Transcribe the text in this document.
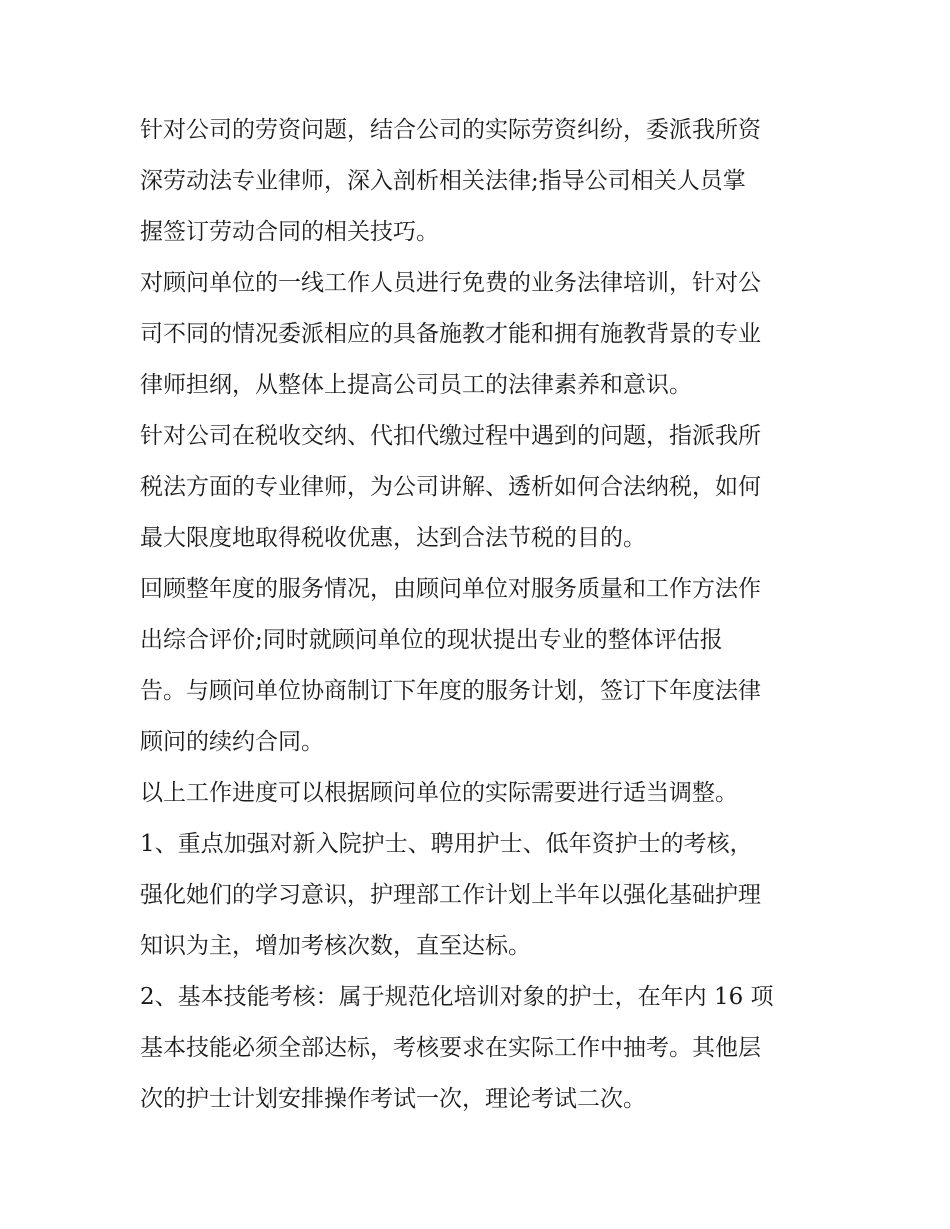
针对公司的劳资问题，结合公司的实际劳资纠纷，委派我所资

深劳动法专业律师，深入剖析相关法律;指导公司相关人员掌

握签订劳动合同的相关技巧。

对顾问单位的一线工作人员进行免费的业务法律培训，针对公

司不同的情况委派相应的具备施教才能和拥有施教背景的专业

律师担纲，从整体上提高公司员工的法律素养和意识。

针对公司在税收交纳、代扣代缴过程中遇到的问题，指派我所

税法方面的专业律师，为公司讲解、透析如何合法纳税，如何

最大限度地取得税收优惠，达到合法节税的目的。

回顾整年度的服务情况，由顾问单位对服务质量和工作方法作

出综合评价;同时就顾问单位的现状提出专业的整体评估报

告。与顾问单位协商制订下年度的服务计划，签订下年度法律

顾问的续约合同。

以上工作进度可以根据顾问单位的实际需要进行适当调整。

1、重点加强对新入院护士、聘用护士、低年资护士的考核，

强化她们的学习意识，护理部工作计划上半年以强化基础护理

知识为主，增加考核次数，直至达标。

2、基本技能考核：属于规范化培训对象的护士，在年内 16 项

基本技能必须全部达标，考核要求在实际工作中抽考。其他层

次的护士计划安排操作考试一次，理论考试二次。
